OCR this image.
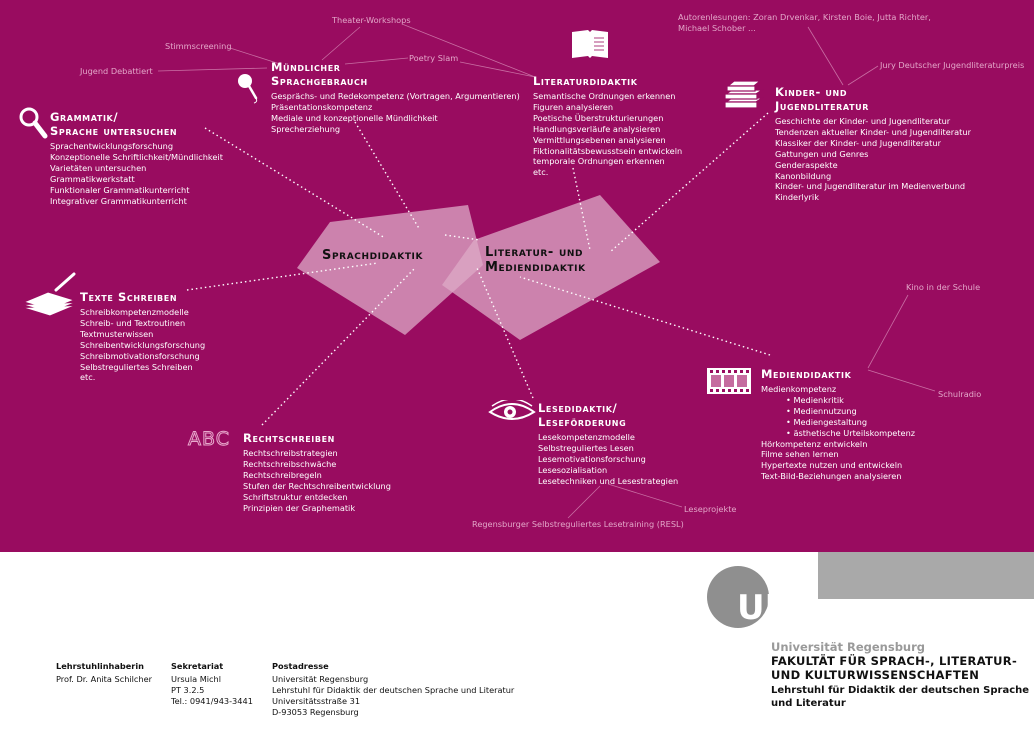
Sprachdidaktik	Literatur- und
Mediendidaktik
Theater-Workshops
Stimmscreening
Poetry Slam
Jugend Debattiert
Autorenlesungen: Zoran Drvenkar, Kirsten Boie, Jutta Richter,
Michael Schober ...
Jury Deutscher Jugendliteraturpreis
Kino in der Schule
Schulradio
Leseprojekte
Regensburger Selbstreguliertes Lesetraining (RESL)
ABC
Mündlicher
Sprachgebrauch
Gesprächs- und Redekompetenz (Vortragen, Argumentieren)
Präsentationskompetenz
Mediale und konzeptionelle Mündlichkeit
Sprecherziehung
Grammatik/
Sprache untersuchen
Sprachentwicklungsforschung
Konzeptionelle Schriftlichkeit/Mündlichkeit
Varietäten untersuchen
Grammatikwerkstatt
Funktionaler Grammatikunterricht
Integrativer Grammatikunterricht
Literaturdidaktik
Semantische Ordnungen erkennen
Figuren analysieren
Poetische Überstrukturierungen
Handlungsverläufe analysieren
Vermittlungsebenen analysieren
Fiktionalitätsbewusstsein entwickeln
temporale Ordnungen erkennen
etc.
Kinder- und
Jugendliteratur
Geschichte der Kinder- und Jugendliteratur
Tendenzen aktueller Kinder- und Jugendliteratur
Klassiker der Kinder- und Jugendliteratur
Gattungen und Genres
Genderaspekte
Kanonbildung
Kinder- und Jugendliteratur im Medienverbund
Kinderlyrik
Texte Schreiben
Schreibkompetenzmodelle
Schreib- und Textroutinen
Textmusterwissen
Schreibentwicklungsforschung
Schreibmotivationsforschung
Selbstreguliertes Schreiben
etc.
Rechtschreiben
Rechtschreibstrategien
Rechtschreibschwäche
Rechtschreibregeln
Stufen der Rechtschreibentwicklung
Schriftstruktur entdecken
Prinzipien der Graphematik
Lesedidaktik/
Leseförderung
Lesekompetenzmodelle
Selbstreguliertes Lesen
Lesemotivationsforschung
Lesesozialisation
Lesetechniken und Lesestrategien
Mediendidaktik
Medienkompetenz
• Medienkritik
• Mediennutzung
• Mediengestaltung
• ästhetische Urteilskompetenz
Hörkompetenz entwickeln
Filme sehen lernen
Hypertexte nutzen und entwickeln
Text-Bild-Beziehungen analysieren
UR
Universität Regensburg
FAKULTÄT FÜR SPRACH-, LITERATUR-
UND KULTURWISSENSCHAFTEN
Lehrstuhl für Didaktik der deutschen Sprache
und Literatur
Lehrstuhlinhaberin
Prof. Dr. Anita Schilcher
Sekretariat
Ursula Michl
PT 3.2.5
Tel.: 0941/943-3441
Postadresse
Universität Regensburg
Lehrstuhl für Didaktik der deutschen Sprache und Literatur
Universitätsstraße 31
D-93053 Regensburg
